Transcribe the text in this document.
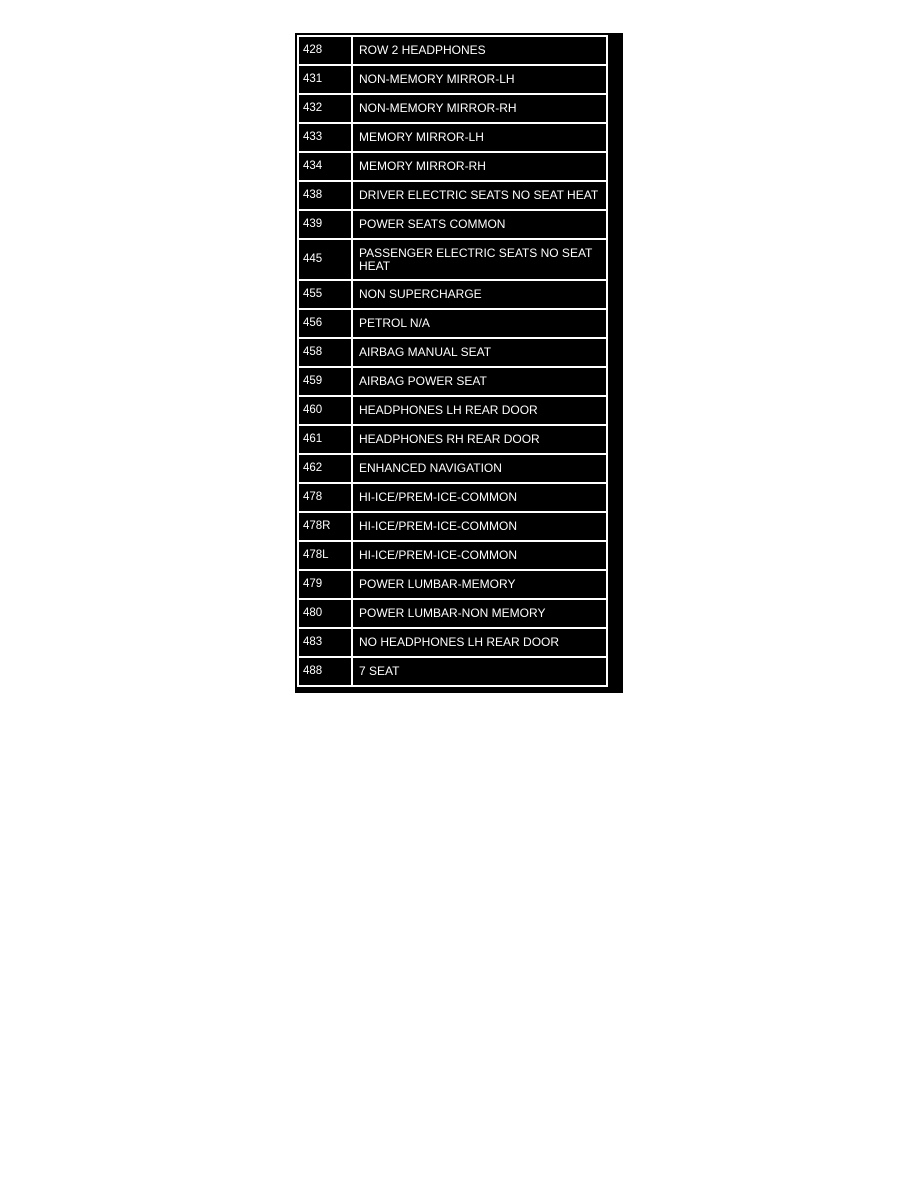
428	ROW 2 HEADPHONES
431	NON-MEMORY MIRROR-LH
432	NON-MEMORY MIRROR-RH
433	MEMORY MIRROR-LH
434	MEMORY MIRROR-RH
438	DRIVER ELECTRIC SEATS NO SEAT HEAT
439	POWER SEATS COMMON
445	PASSENGER ELECTRIC SEATS NO SEAT HEAT
455	NON SUPERCHARGE
456	PETROL N/A
458	AIRBAG MANUAL SEAT
459	AIRBAG POWER SEAT
460	HEADPHONES LH REAR DOOR
461	HEADPHONES RH REAR DOOR
462	ENHANCED NAVIGATION
478	HI-ICE/PREM-ICE-COMMON
478R	HI-ICE/PREM-ICE-COMMON
478L	HI-ICE/PREM-ICE-COMMON
479	POWER LUMBAR-MEMORY
480	POWER LUMBAR-NON MEMORY
483	NO HEADPHONES LH REAR DOOR
488	7 SEAT
